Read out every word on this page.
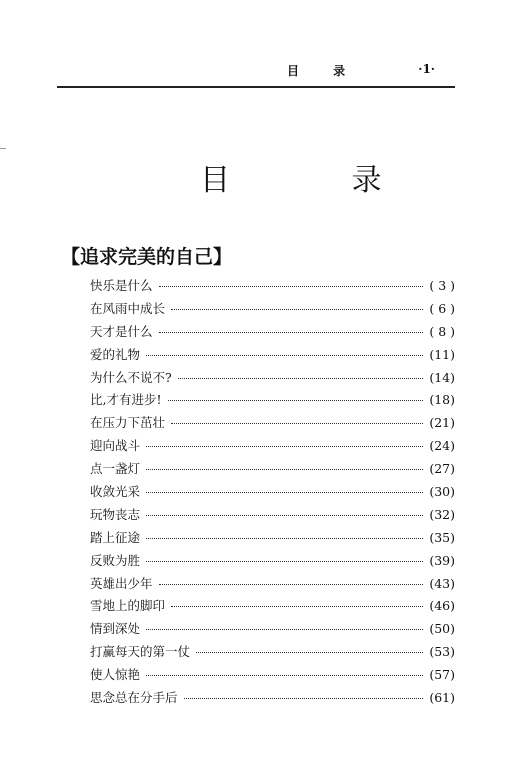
目 录	·1·
目 录
【追求完美的自己】
快乐是什么	( 3 )
在风雨中成长	( 6 )
天才是什么	( 8 )
爱的礼物	(11)
为什么不说不?	(14)
比,才有进步!	(18)
在压力下茁壮	(21)
迎向战斗	(24)
点一盏灯	(27)
收敛光采	(30)
玩物丧志	(32)
踏上征途	(35)
反败为胜	(39)
英雄出少年	(43)
雪地上的脚印	(46)
情到深处	(50)
打赢每天的第一仗	(53)
使人惊艳	(57)
思念总在分手后	(61)
